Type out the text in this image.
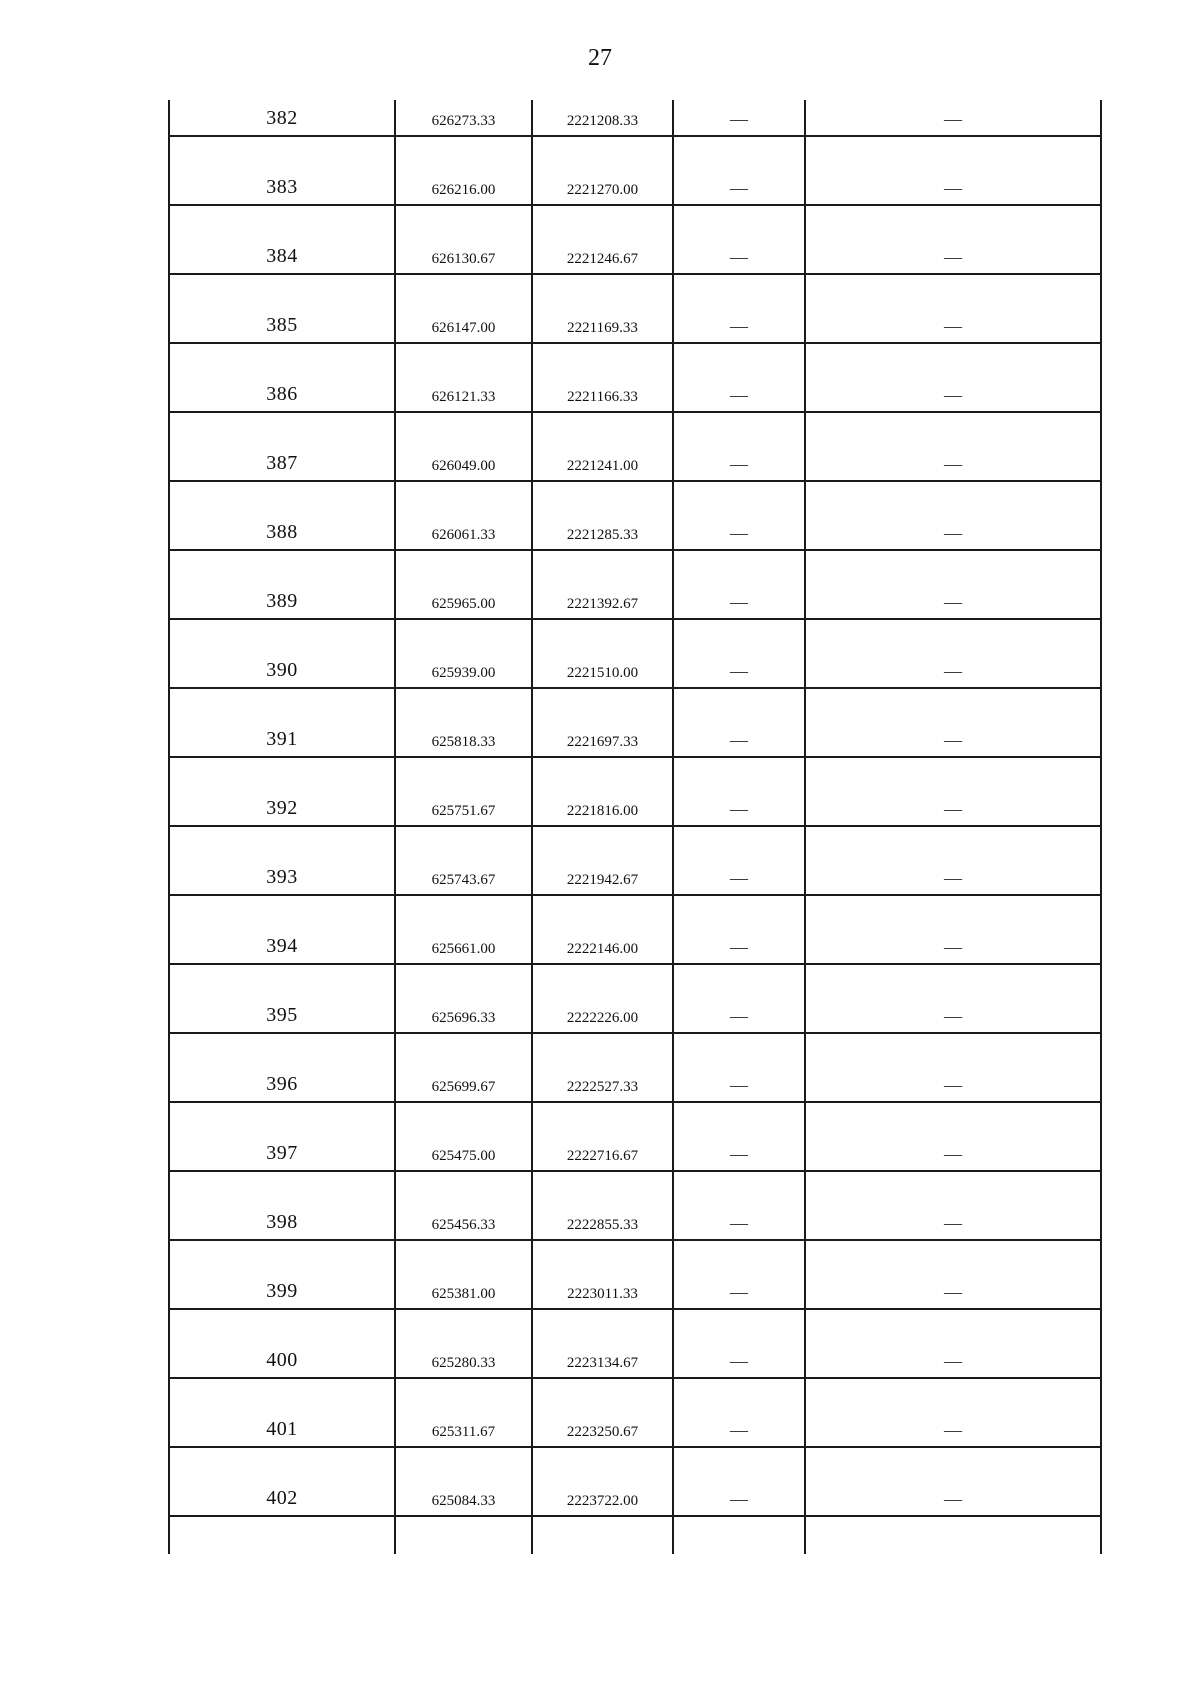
27
382	626273.33	2221208.33	—	—
383	626216.00	2221270.00	—	—
384	626130.67	2221246.67	—	—
385	626147.00	2221169.33	—	—
386	626121.33	2221166.33	—	—
387	626049.00	2221241.00	—	—
388	626061.33	2221285.33	—	—
389	625965.00	2221392.67	—	—
390	625939.00	2221510.00	—	—
391	625818.33	2221697.33	—	—
392	625751.67	2221816.00	—	—
393	625743.67	2221942.67	—	—
394	625661.00	2222146.00	—	—
395	625696.33	2222226.00	—	—
396	625699.67	2222527.33	—	—
397	625475.00	2222716.67	—	—
398	625456.33	2222855.33	—	—
399	625381.00	2223011.33	—	—
400	625280.33	2223134.67	—	—
401	625311.67	2223250.67	—	—
402	625084.33	2223722.00	—	—
